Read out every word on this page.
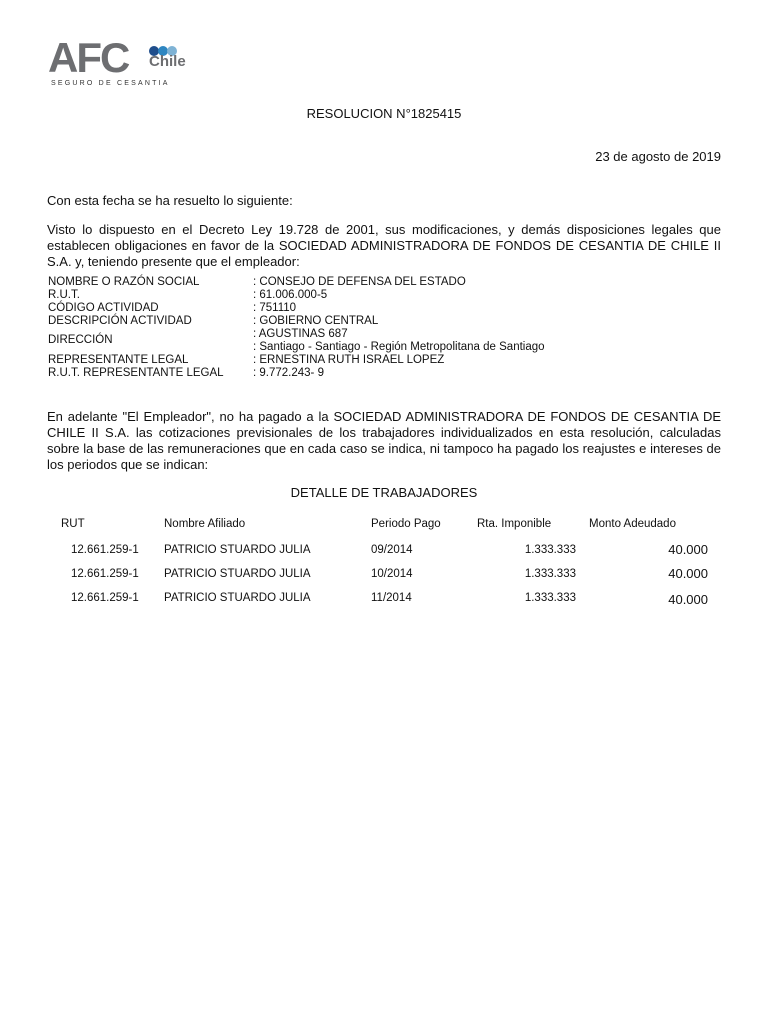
AFC Chile
SEGURO DE CESANTIA
RESOLUCION N°1825415
23 de agosto de 2019
Con esta fecha se ha resuelto lo siguiente:
Visto lo dispuesto en el Decreto Ley 19.728 de 2001, sus modificaciones, y demás disposiciones legales que establecen obligaciones en favor de la SOCIEDAD ADMINISTRADORA DE FONDOS DE CESANTIA DE CHILE II S.A. y, teniendo presente que el empleador:
NOMBRE O RAZÓN SOCIAL	: CONSEJO DE DEFENSA DEL ESTADO
R.U.T.	: 61.006.000-5
CÓDIGO ACTIVIDAD	: 751110
DESCRIPCIÓN ACTIVIDAD	: GOBIERNO CENTRAL
DIRECCIÓN	: AGUSTINAS 687
: Santiago - Santiago - Región Metropolitana de Santiago
REPRESENTANTE LEGAL	: ERNESTINA RUTH ISRAEL LOPEZ
R.U.T. REPRESENTANTE LEGAL	: 9.772.243- 9
En adelante "El Empleador", no ha pagado a la SOCIEDAD ADMINISTRADORA DE FONDOS DE CESANTIA DE CHILE II S.A. las cotizaciones previsionales de los trabajadores individualizados en esta resolución, calculadas sobre la base de las remuneraciones que en cada caso se indica, ni tampoco ha pagado los reajustes e intereses de los periodos que se indican:
DETALLE DE TRABAJADORES
RUT	Nombre Afiliado	Periodo Pago	Rta. Imponible	Monto Adeudado
12.661.259-1 PATRICIO STUARDO JULIA	09/2014	1.333.333	40.000
12.661.259-1 PATRICIO STUARDO JULIA	10/2014	1.333.333	40.000
12.661.259-1 PATRICIO STUARDO JULIA	11/2014	1.333.333	40.000
